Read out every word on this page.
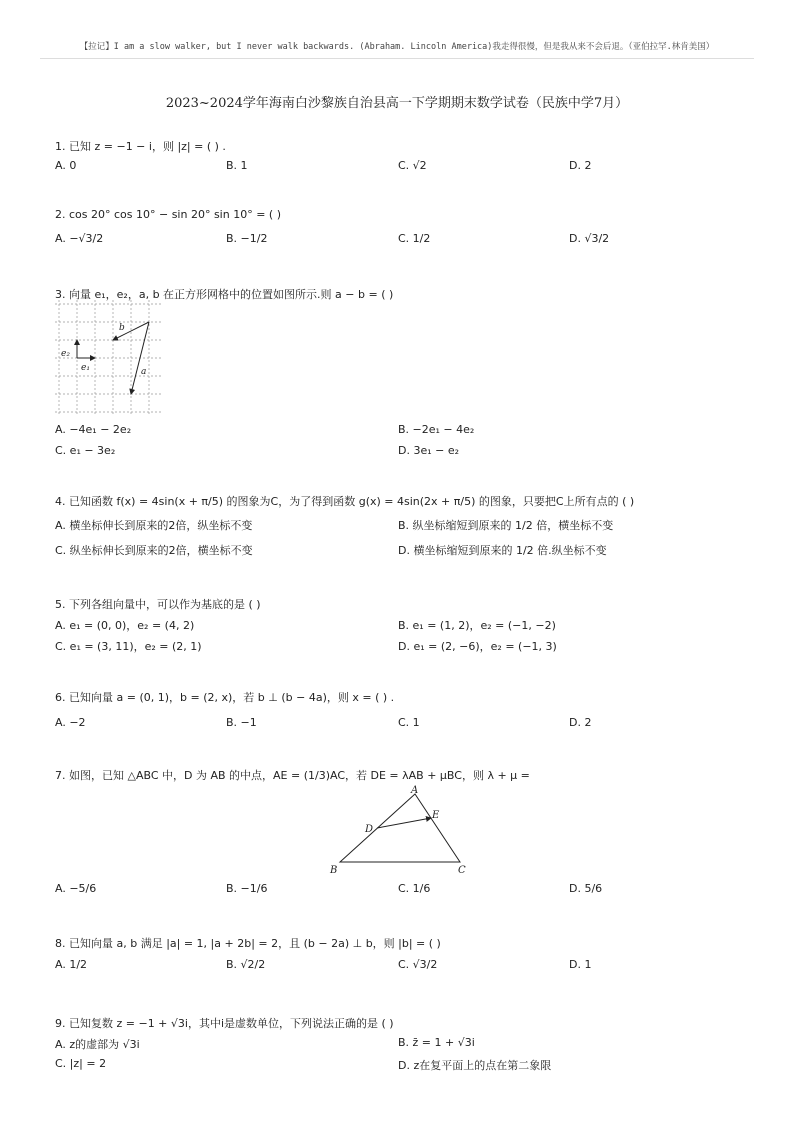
【拉记】I am a slow walker, but I never walk backwards. (Abraham. Lincoln America)我走得很慢，但是我从来不会后退。（亚伯拉罕.林肯美国）
2023~2024学年海南白沙黎族自治县高一下学期期末数学试卷（民族中学7月）
1. 已知 z = −1 − i，则 |z| = ( ) .
A. 0	B. 1	C. √2	D. 2
2. cos 20° cos 10° − sin 20° sin 10° = ( )
A. −√3/2	B. −1/2	C. 1/2	D. √3/2
3. 向量 e₁，e₂，a, b 在正方形网格中的位置如图所示.则 a − b = ( )
e₁
e₂
b
a
A. −4e₁ − 2e₂	B. −2e₁ − 4e₂
C. e₁ − 3e₂	D. 3e₁ − e₂
4. 已知函数 f(x) = 4sin(x + π/5) 的图象为C，为了得到函数 g(x) = 4sin(2x + π/5) 的图象，只要把C上所有点的 ( )
A. 横坐标伸长到原来的2倍，纵坐标不变	B. 纵坐标缩短到原来的 1/2 倍，横坐标不变
C. 纵坐标伸长到原来的2倍，横坐标不变	D. 横坐标缩短到原来的 1/2 倍.纵坐标不变
5. 下列各组向量中，可以作为基底的是 ( )
A. e₁ = (0, 0)，e₂ = (4, 2)	B. e₁ = (1, 2)，e₂ = (−1, −2)
C. e₁ = (3, 11)，e₂ = (2, 1)	D. e₁ = (2, −6)，e₂ = (−1, 3)
6. 已知向量 a = (0, 1)，b = (2, x)，若 b ⊥ (b − 4a)，则 x = ( ) .
A. −2	B. −1	C. 1	D. 2
7. 如图，已知 △ABC 中，D 为 AB 的中点，AE = (1/3)AC，若 DE = λAB + μBC，则 λ + μ =
A
B	C
D
E
A. −5/6	B. −1/6	C. 1/6	D. 5/6
8. 已知向量 a, b 满足 |a| = 1, |a + 2b| = 2，且 (b − 2a) ⊥ b，则 |b| = ( )
A. 1/2	B. √2/2	C. √3/2	D. 1
9. 已知复数 z = −1 + √3i，其中i是虚数单位，下列说法正确的是 ( )
A. z的虚部为 √3i	B. z̄ = 1 + √3i
C. |z| = 2	D. z在复平面上的点在第二象限
